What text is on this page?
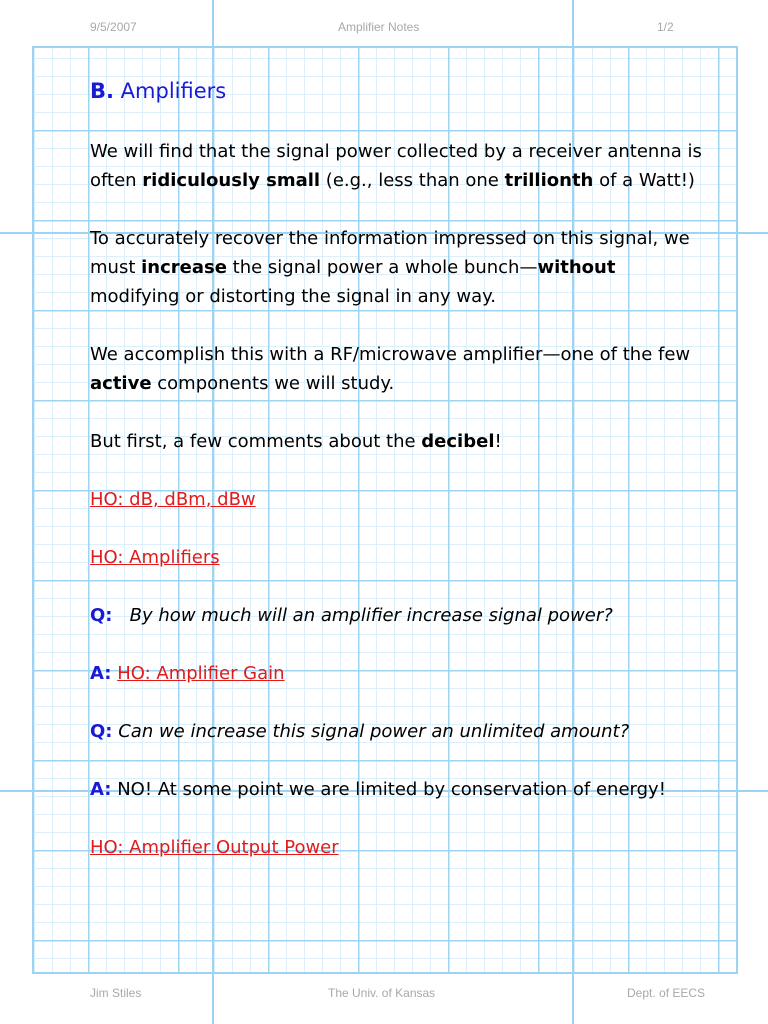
9/5/2007	Amplifier Notes	1/2

B. Amplifiers

We will find that the signal power collected by a receiver antenna is often ridiculously small (e.g., less than one trillionth of a Watt!)

To accurately recover the information impressed on this signal, we must increase the signal power a whole bunch—without modifying or distorting the signal in any way.

We accomplish this with a RF/microwave amplifier—one of the few active components we will study.

But first, a few comments about the decibel!

HO: dB, dBm, dBw

HO: Amplifiers

Q: By how much will an amplifier increase signal power?

A: HO: Amplifier Gain

Q: Can we increase this signal power an unlimited amount?

A: NO! At some point we are limited by conservation of energy!

HO: Amplifier Output Power

Jim Stiles	The Univ. of Kansas	Dept. of EECS
